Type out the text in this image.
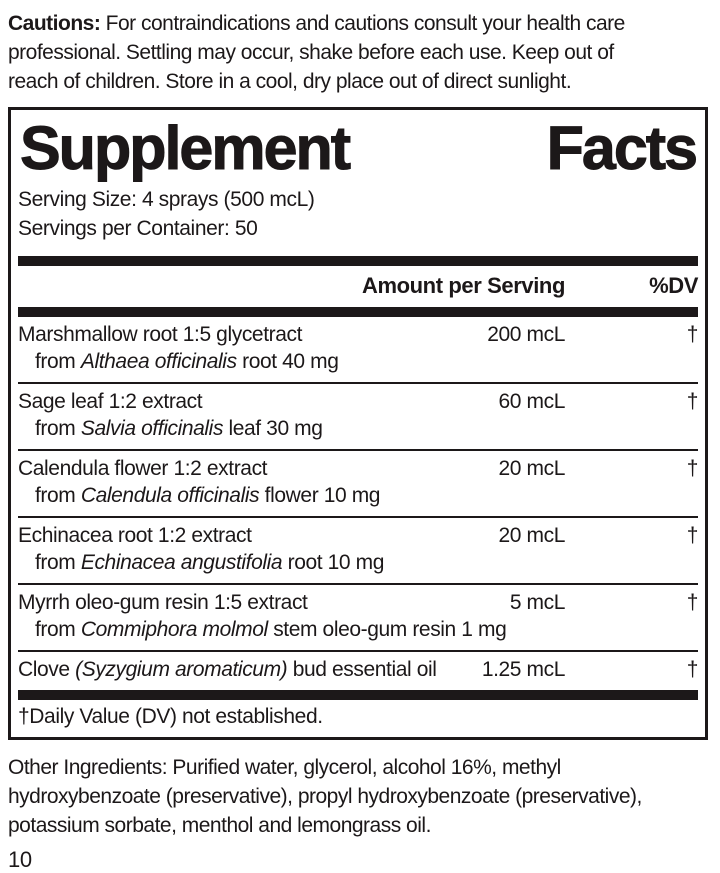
Cautions: For contraindications and cautions consult your health care
professional. Settling may occur, shake before each use. Keep out of
reach of children. Store in a cool, dry place out of direct sunlight.
Supplement	Facts
Serving Size: 4 sprays (500 mcL)
Servings per Container: 50
Amount per Serving	%DV
Marshmallow root 1:5 glycetract	200 mcL	†
from Althaea officinalis root 40 mg
Sage leaf 1:2 extract	60 mcL	†
from Salvia officinalis leaf 30 mg
Calendula flower 1:2 extract	20 mcL	†
from Calendula officinalis flower 10 mg
Echinacea root 1:2 extract	20 mcL	†
from Echinacea angustifolia root 10 mg
Myrrh oleo-gum resin 1:5 extract	5 mcL	†
from Commiphora molmol stem oleo-gum resin 1 mg
Clove (Syzygium aromaticum) bud essential oil	1.25 mcL	†
†Daily Value (DV) not established.
Other Ingredients: Purified water, glycerol, alcohol 16%, methyl
hydroxybenzoate (preservative), propyl hydroxybenzoate (preservative),
potassium sorbate, menthol and lemongrass oil.
10
